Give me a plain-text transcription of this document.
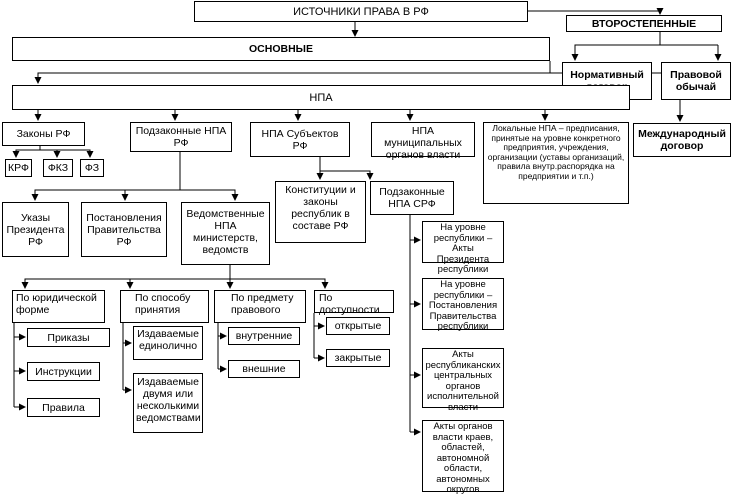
ИСТОЧНИКИ ПРАВА В РФ
ВТОРОСТЕПЕННЫЕ
Нормативный	Правовой обычай
ОСНОВНЫЕ
Международный договор
НПА
Законы РФ
КРФ ФКЗ ФЗ
Подзаконные НПА РФ
Указы Президента РФ
Постановления Правительства РФ
Ведомственные НПА министерств, ведомств
НПА Субъектов РФ
Конституции и законы республик в составе РФ
Подзаконные НПА СРФ
НПА муниципальных органов власти
Локальные НПА – предписания, принятые на уровне конкретного предприятия, учреждения, организации (уставы организаций, правила внутр.распорядка на предприятии и т.п.)
По юридической форме
Приказы
Инструкции
Правила
По способу принятия
Издаваемые единолично
Издаваемые двумя или несколькими ведомствами
По предмету правового
внутренние
внешние
По доступности
открытые
закрытые
На уровне республики – Акты Президента республики
На уровне республики – Постановления Правительства республики
Акты республиканских центральных органов исполнительной власти
Акты органов власти краев, областей, автономной области, автономных округов
